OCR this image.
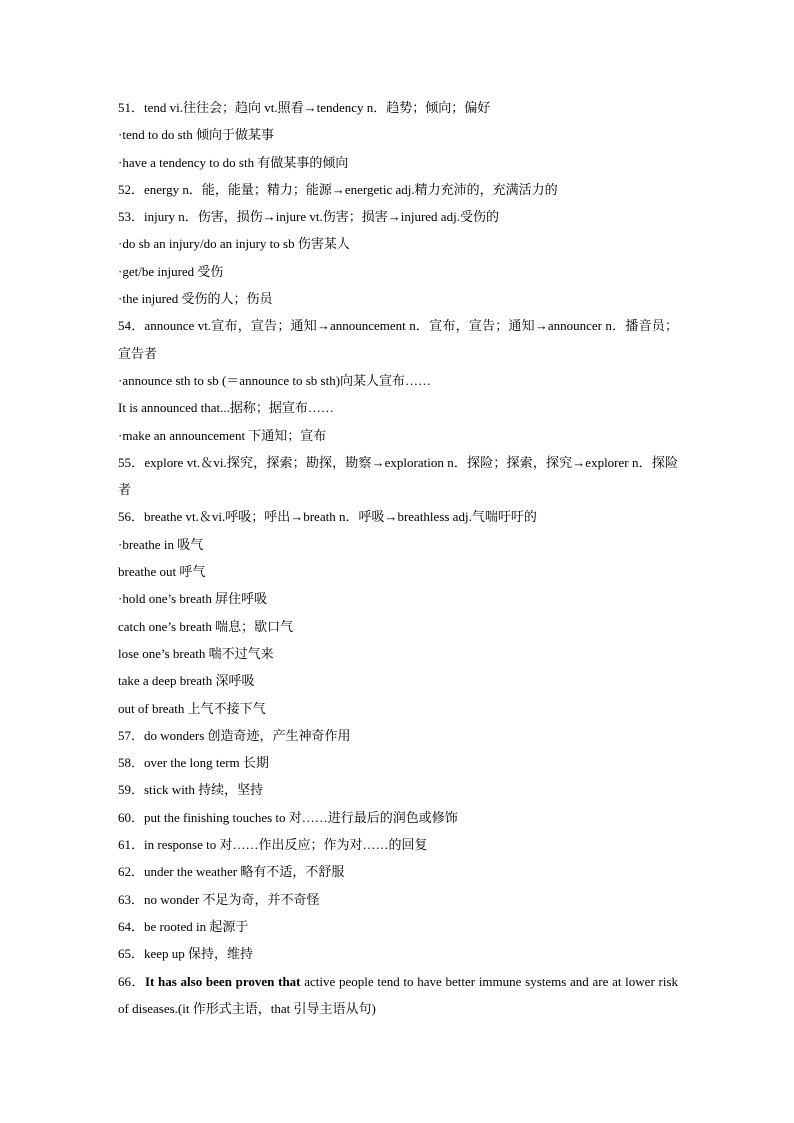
51．tend vi.往往会；趋向 vt.照看→tendency n．趋势；倾向；偏好
·tend to do sth 倾向于做某事
·have a tendency to do sth 有做某事的倾向
52．energy n．能，能量；精力；能源→energetic adj.精力充沛的，充满活力的
53．injury n．伤害，损伤→injure vt.伤害；损害→injured adj.受伤的
·do sb an injury/do an injury to sb 伤害某人
·get/be injured 受伤
·the injured 受伤的人；伤员
54．announce vt.宣布，宣告；通知→announcement n．宣布，宣告；通知→announcer n．播音员；宣告者
·announce sth to sb (＝announce to sb sth)向某人宣布……
It is announced that...据称；据宣布……
·make an announcement 下通知；宣布
55．explore vt.＆vi.探究，探索；勘探，勘察→exploration n．探险；探索，探究→explorer n．探险者
56．breathe vt.＆vi.呼吸；呼出→breath n．呼吸→breathless adj.气喘吁吁的
·breathe in 吸气
breathe out 呼气
·hold one’s breath 屏住呼吸
catch one’s breath 喘息；歇口气
lose one’s breath 喘不过气来
take a deep breath 深呼吸
out of breath 上气不接下气
57．do wonders 创造奇迹，产生神奇作用
58．over the long term 长期
59．stick with 持续，坚持
60．put the finishing touches to 对……进行最后的润色或修饰
61．in response to 对……作出反应；作为对……的回复
62．under the weather 略有不适，不舒服
63．no wonder 不足为奇，并不奇怪
64．be rooted in 起源于
65．keep up 保持，维持
66．It has also been proven that active people tend to have better immune systems and are at lower risk of diseases.(it 作形式主语，that 引导主语从句)
